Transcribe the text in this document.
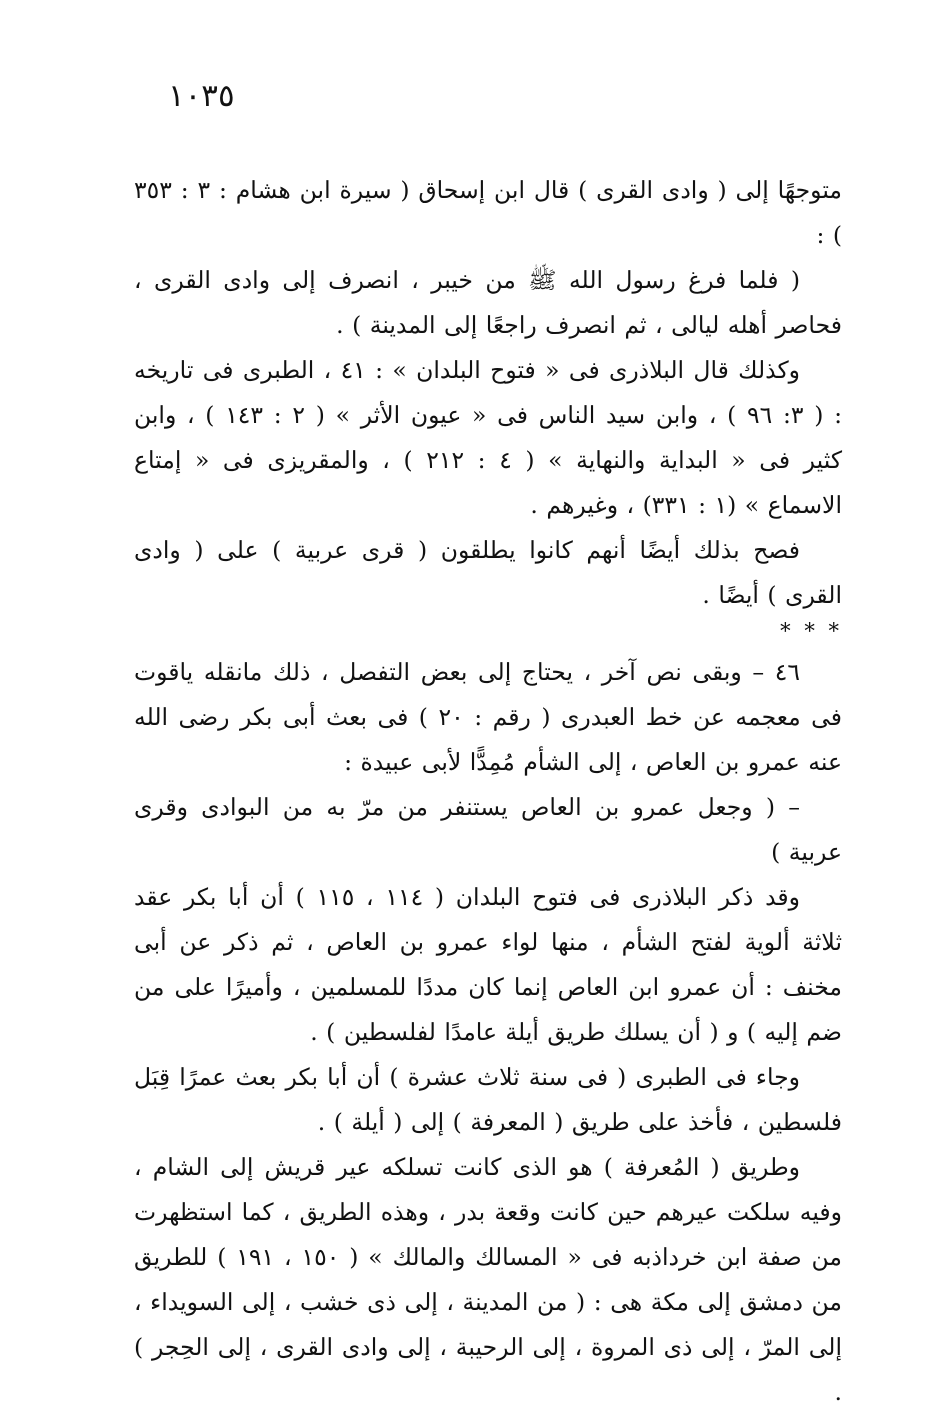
١٠٣٥

متوجهًا إلى ( وادى القرى ) قال ابن إسحاق ( سيرة ابن هشام : ٣ : ٣٥٣ ) :

( فلما فرغ رسول الله ﷺ من خيبر ، انصرف إلى وادى القرى ، فحاصر أهله ليالى ، ثم انصرف راجعًا إلى المدينة ) .

وكذلك قال البلاذرى فى « فتوح البلدان » : ٤١ ، الطبرى فى تاريخه : ( ٣: ٩٦ ) ، وابن سيد الناس فى « عيون الأثر » ( ٢ : ١٤٣ ) ، وابن كثير فى « البداية والنهاية » ( ٤ : ٢١٢ ) ، والمقريزى فى « إمتاع الاسماع » (١ : ٣٣١) ، وغيرهم .

فصح بذلك أيضًا أنهم كانوا يطلقون ( قرى عربية ) على ( وادى القرى ) أيضًا .

* * *

٤٦ – وبقى نص آخر ، يحتاج إلى بعض التفصل ، ذلك مانقله ياقوت فى معجمه عن خط العبدرى ( رقم : ٢٠ ) فى بعث أبى بكر رضى الله عنه عمرو بن العاص ، إلى الشأم مُمِدًّا لأبى عبيدة :

– ( وجعل عمرو بن العاص يستنفر من مرّ به من البوادى وقرى عربية )

وقد ذكر البلاذرى فى فتوح البلدان ( ١١٤ ، ١١٥ ) أن أبا بكر عقد ثلاثة ألوية لفتح الشأم ، منها لواء عمرو بن العاص ، ثم ذكر عن أبى مخنف : أن عمرو ابن العاص إنما كان مددًا للمسلمين ، وأميرًا على من ضم إليه ) و ( أن يسلك طريق أيلة عامدًا لفلسطين ) .

وجاء فى الطبرى ( فى سنة ثلاث عشرة ) أن أبا بكر بعث عمرًا قِبَل فلسطين ، فأخذ على طريق ( المعرفة ) إلى ( أيلة ) .

وطريق ( المُعرفة ) هو الذى كانت تسلكه عير قريش إلى الشام ، وفيه سلكت عيرهم حين كانت وقعة بدر ، وهذه الطريق ، كما استظهرت من صفة ابن خرداذبه فى « المسالك والمالك » ( ١٥٠ ، ١٩١ ) للطريق من دمشق إلى مكة هى : ( من المدينة ، إلى ذى خشب ، إلى السويداء ، إلى المرّ ، إلى ذى المروة ، إلى الرحيبة ، إلى وادى القرى ، إلى الحِجر ) .
